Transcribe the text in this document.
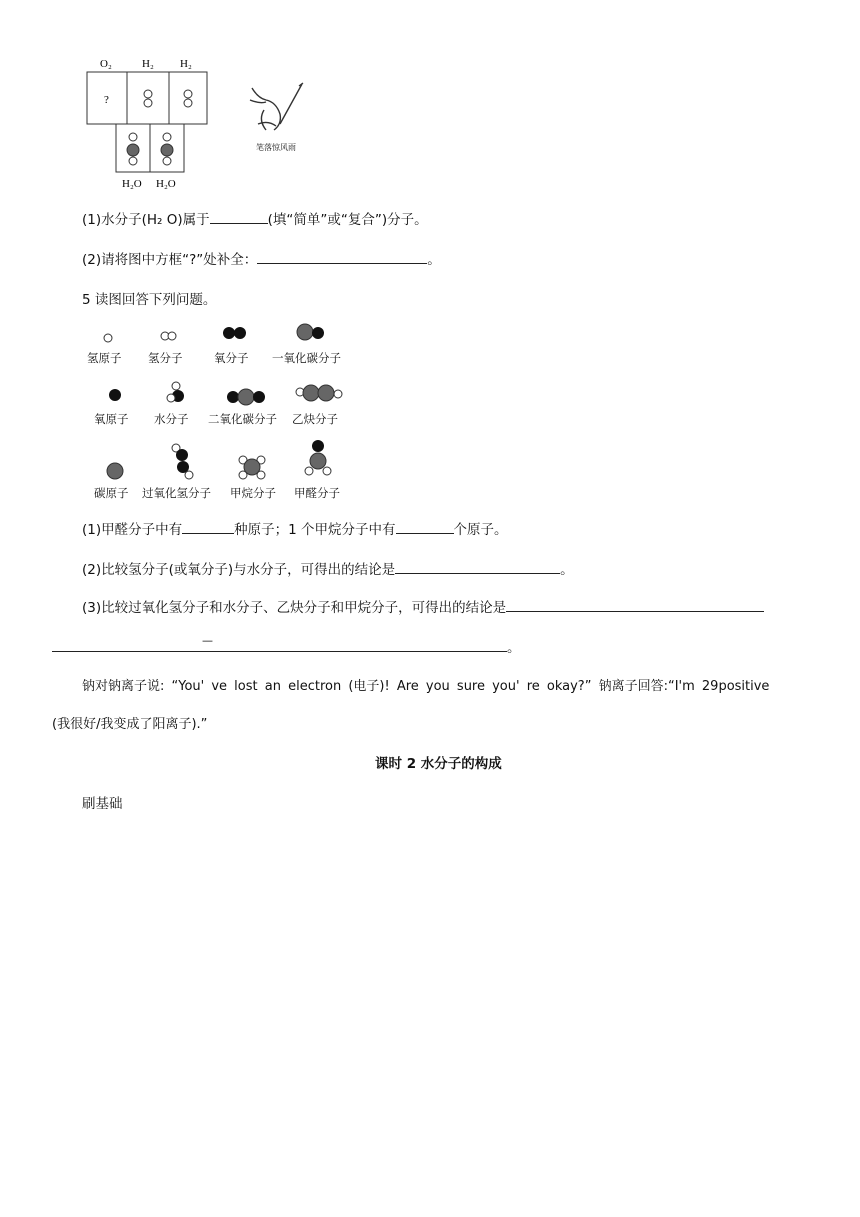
O₂	H₂ H₂
?
H₂O H₂O
笔落惊风雨
(1)水分子(H₂ O)属于	(填“简单”或“复合”)分子。
(2)请将图中方框“?”处补全：	。
5 读图回答下列问题。
氢原子 氢分子	氧分子 一氧化碳分子
氧原子 水分子 二氧化碳分子 乙炔分子
碳原子 过氧化氢分子 甲烷分子 甲醛分子
(1)甲醛分子中有	种原子；1 个甲烷分子中有	个原子。
(2)比较氢分子(或氧分子)与水分子，可得出的结论是	。
(3)比较过氧化氢分子和水分子、乙炔分子和甲烷分子，可得出的结论是
—	。
钠对钠离子说: “You' ve lost an electron (电子)! Are you sure you' re okay?” 钠离子回答:“I'm 29positive
(我很好/我变成了阳离子).”
课时 2 水分子的构成
刷基础
